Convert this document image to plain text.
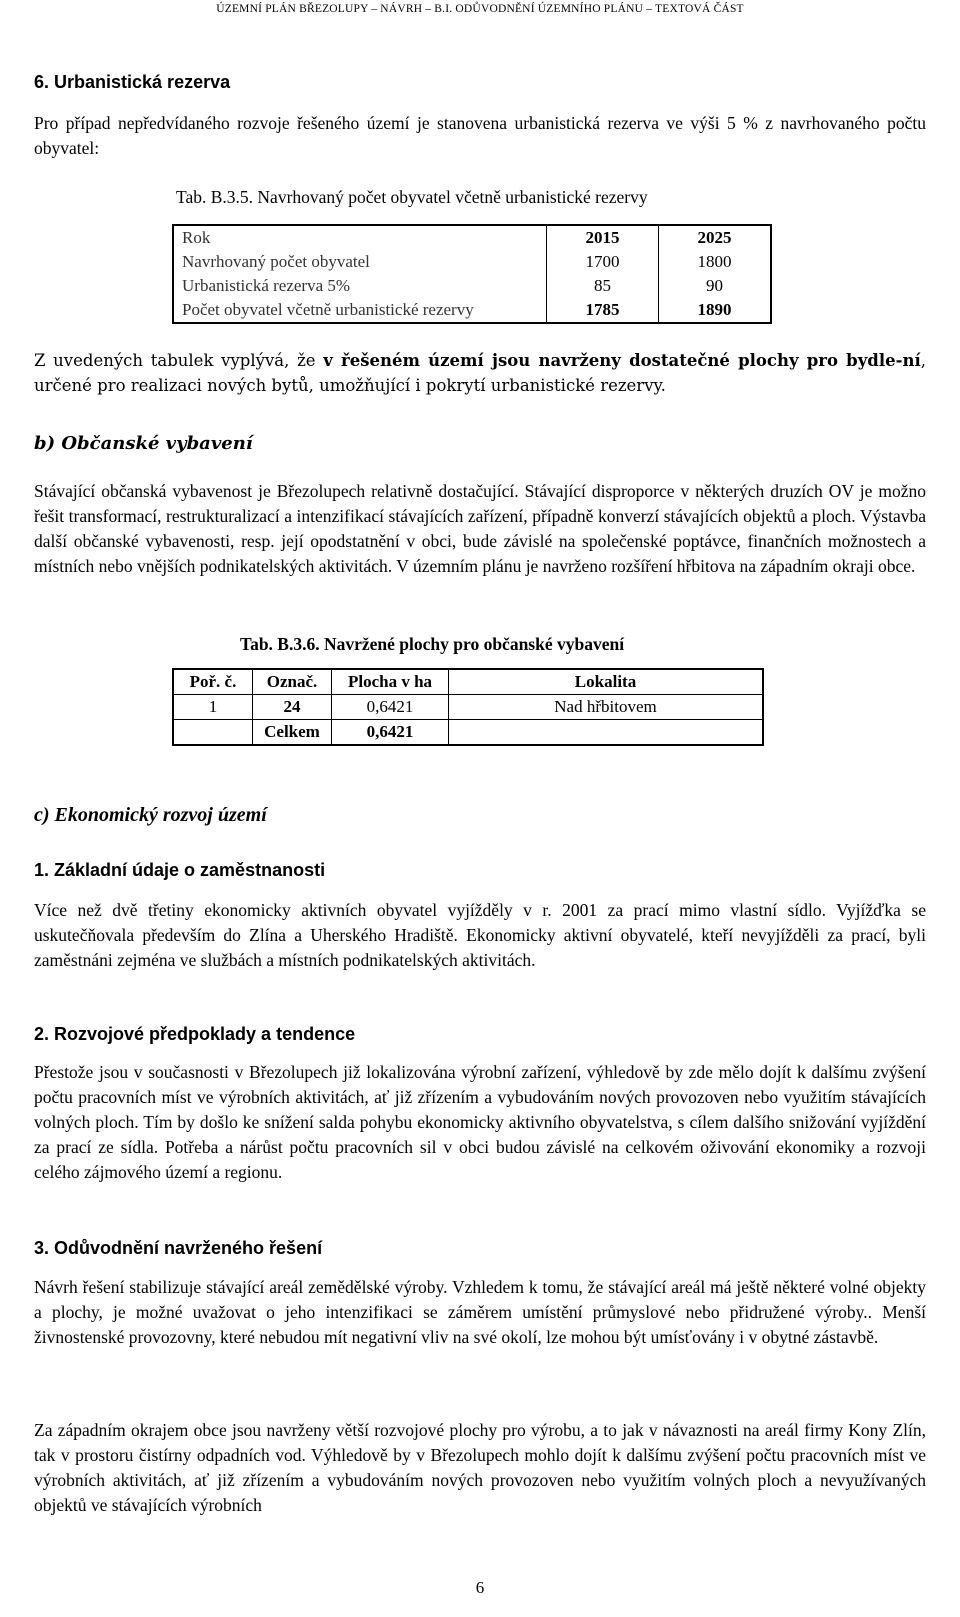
ÚZEMNÍ PLÁN BŘEZOLUPY – NÁVRH – B.I. ODŮVODNĚNÍ ÚZEMNÍHO PLÁNU – TEXTOVÁ ČÁST
6. Urbanistická rezerva
Pro případ nepředvídaného rozvoje řešeného území je stanovena urbanistická rezerva ve výši 5 % z navrhovaného počtu obyvatel:
Tab. B.3.5. Navrhovaný počet obyvatel včetně urbanistické rezervy
Rok	2015	2025
Navrhovaný počet obyvatel	1700	1800
Urbanistická rezerva 5%	85	90
Počet obyvatel včetně urbanistické rezervy	1785	1890
Z uvedených tabulek vyplývá, že v řešeném území jsou navrženy dostatečné plochy pro bydle-ní, určené pro realizaci nových bytů, umožňující i pokrytí urbanistické rezervy.
b) Občanské vybavení
Stávající občanská vybavenost je Březolupech relativně dostačující. Stávající disproporce v některých druzích OV je možno řešit transformací, restrukturalizací a intenzifikací stávajících zařízení, případně konverzí stávajících objektů a ploch. Výstavba další občanské vybavenosti, resp. její opodstatnění v obci, bude závislé na společenské poptávce, finančních možnostech a místních nebo vnějších podnikatelských aktivitách. V územním plánu je navrženo rozšíření hřbitova na západním okraji obce.
Tab. B.3.6. Navržené plochy pro občanské vybavení
Poř. č.	Označ.	Plocha v ha	Lokalita
1	24	0,6421	Nad hřbitovem
	Celkem	0,6421	
c) Ekonomický rozvoj území
1. Základní údaje o zaměstnanosti
Více než dvě třetiny ekonomicky aktivních obyvatel vyjížděly v r. 2001 za prací mimo vlastní sídlo. Vyjížďka se uskutečňovala především do Zlína a Uherského Hradiště. Ekonomicky aktivní obyvatelé, kteří nevyjížděli za prací, byli zaměstnáni zejména ve službách a místních podnikatelských aktivitách.
2. Rozvojové předpoklady a tendence
Přestože jsou v současnosti v Březolupech již lokalizována výrobní zařízení, výhledově by zde mělo dojít k dalšímu zvýšení počtu pracovních míst ve výrobních aktivitách, ať již zřízením a vybudováním nových provozoven nebo využitím stávajících volných ploch. Tím by došlo ke snížení salda pohybu ekonomicky aktivního obyvatelstva, s cílem dalšího snižování vyjíždění za prací ze sídla. Potřeba a nárůst počtu pracovních sil v obci budou závislé na celkovém oživování ekonomiky a rozvoji celého zájmového území a regionu.
3. Odůvodnění navrženého řešení
Návrh řešení stabilizuje stávající areál zemědělské výroby. Vzhledem k tomu, že stávající areál má ještě některé volné objekty a plochy, je možné uvažovat o jeho intenzifikaci se záměrem umístění průmyslové nebo přidružené výroby.. Menší živnostenské provozovny, které nebudou mít negativní vliv na své okolí, lze mohou být umísťovány i v obytné zástavbě.
Za západním okrajem obce jsou navrženy větší rozvojové plochy pro výrobu, a to jak v návaznosti na areál firmy Kony Zlín, tak v prostoru čistírny odpadních vod. Výhledově by v Březolupech mohlo dojít k dalšímu zvýšení počtu pracovních míst ve výrobních aktivitách, ať již zřízením a vybudováním nových provozoven nebo využitím volných ploch a nevyužívaných objektů ve stávajících výrobních
6
